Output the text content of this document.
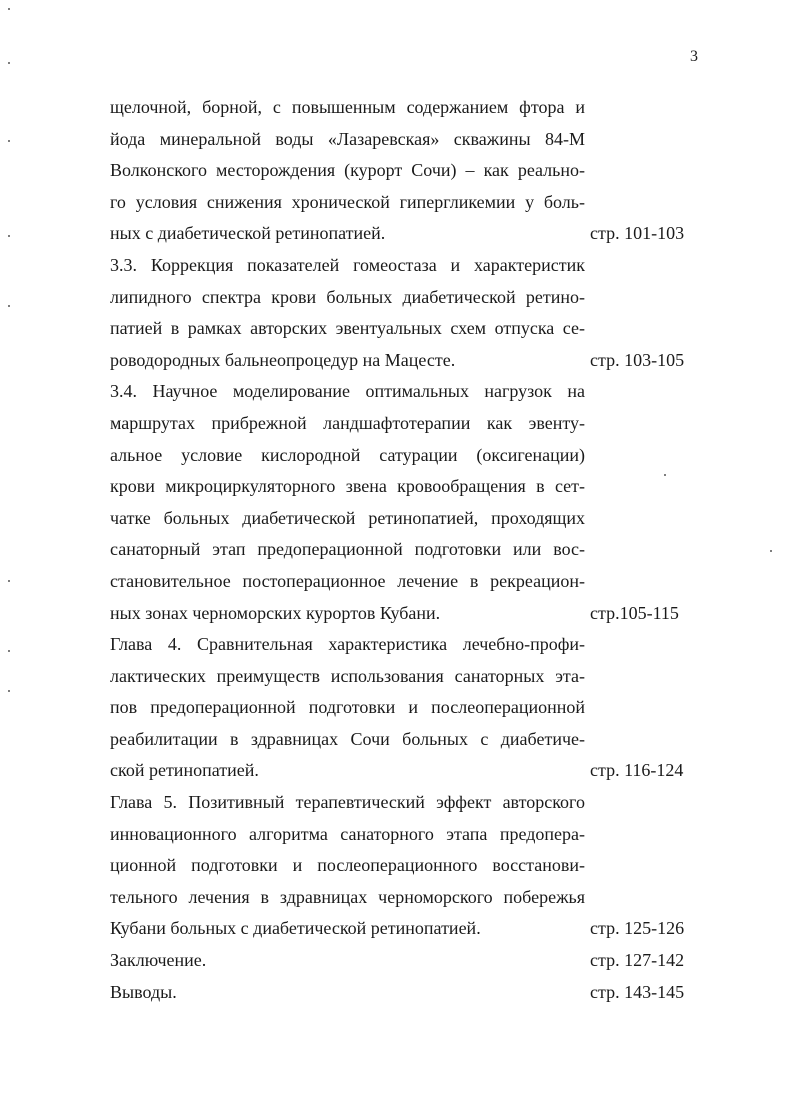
3
щелочной, борной, с повышенным содержанием фтора и
йода минеральной воды «Лазаревская» скважины 84-М
Волконского месторождения (курорт Сочи) – как реально-
го условия снижения хронической гипергликемии у боль-
ных с диабетической ретинопатией.	стр. 101-103
3.3. Коррекция показателей гомеостаза и характеристик
липидного спектра крови больных диабетической ретино-
патией в рамках авторских эвентуальных схем отпуска се-
роводородных бальнеопроцедур на Мацесте.	стр. 103-105
3.4. Научное моделирование оптимальных нагрузок на
маршрутах прибрежной ландшафтотерапии как эвенту-
альное условие кислородной сатурации (оксигенации)
крови микроциркуляторного звена кровообращения в сет-
чатке больных диабетической ретинопатией, проходящих
санаторный этап предоперационной подготовки или вос-
становительное постоперационное лечение в рекреацион-
ных зонах черноморских курортов Кубани.	стр.105-115
Глава 4. Сравнительная характеристика лечебно-профи-
лактических преимуществ использования санаторных эта-
пов предоперационной подготовки и послеоперационной
реабилитации в здравницах Сочи больных с диабетиче-
ской ретинопатией.	стр. 116-124
Глава 5. Позитивный терапевтический эффект авторского
инновационного алгоритма санаторного этапа предопера-
ционной подготовки и послеоперационного восстанови-
тельного лечения в здравницах черноморского побережья
Кубани больных с диабетической ретинопатией.	стр. 125-126
Заключение.	стр. 127-142
Выводы.	стр. 143-145
